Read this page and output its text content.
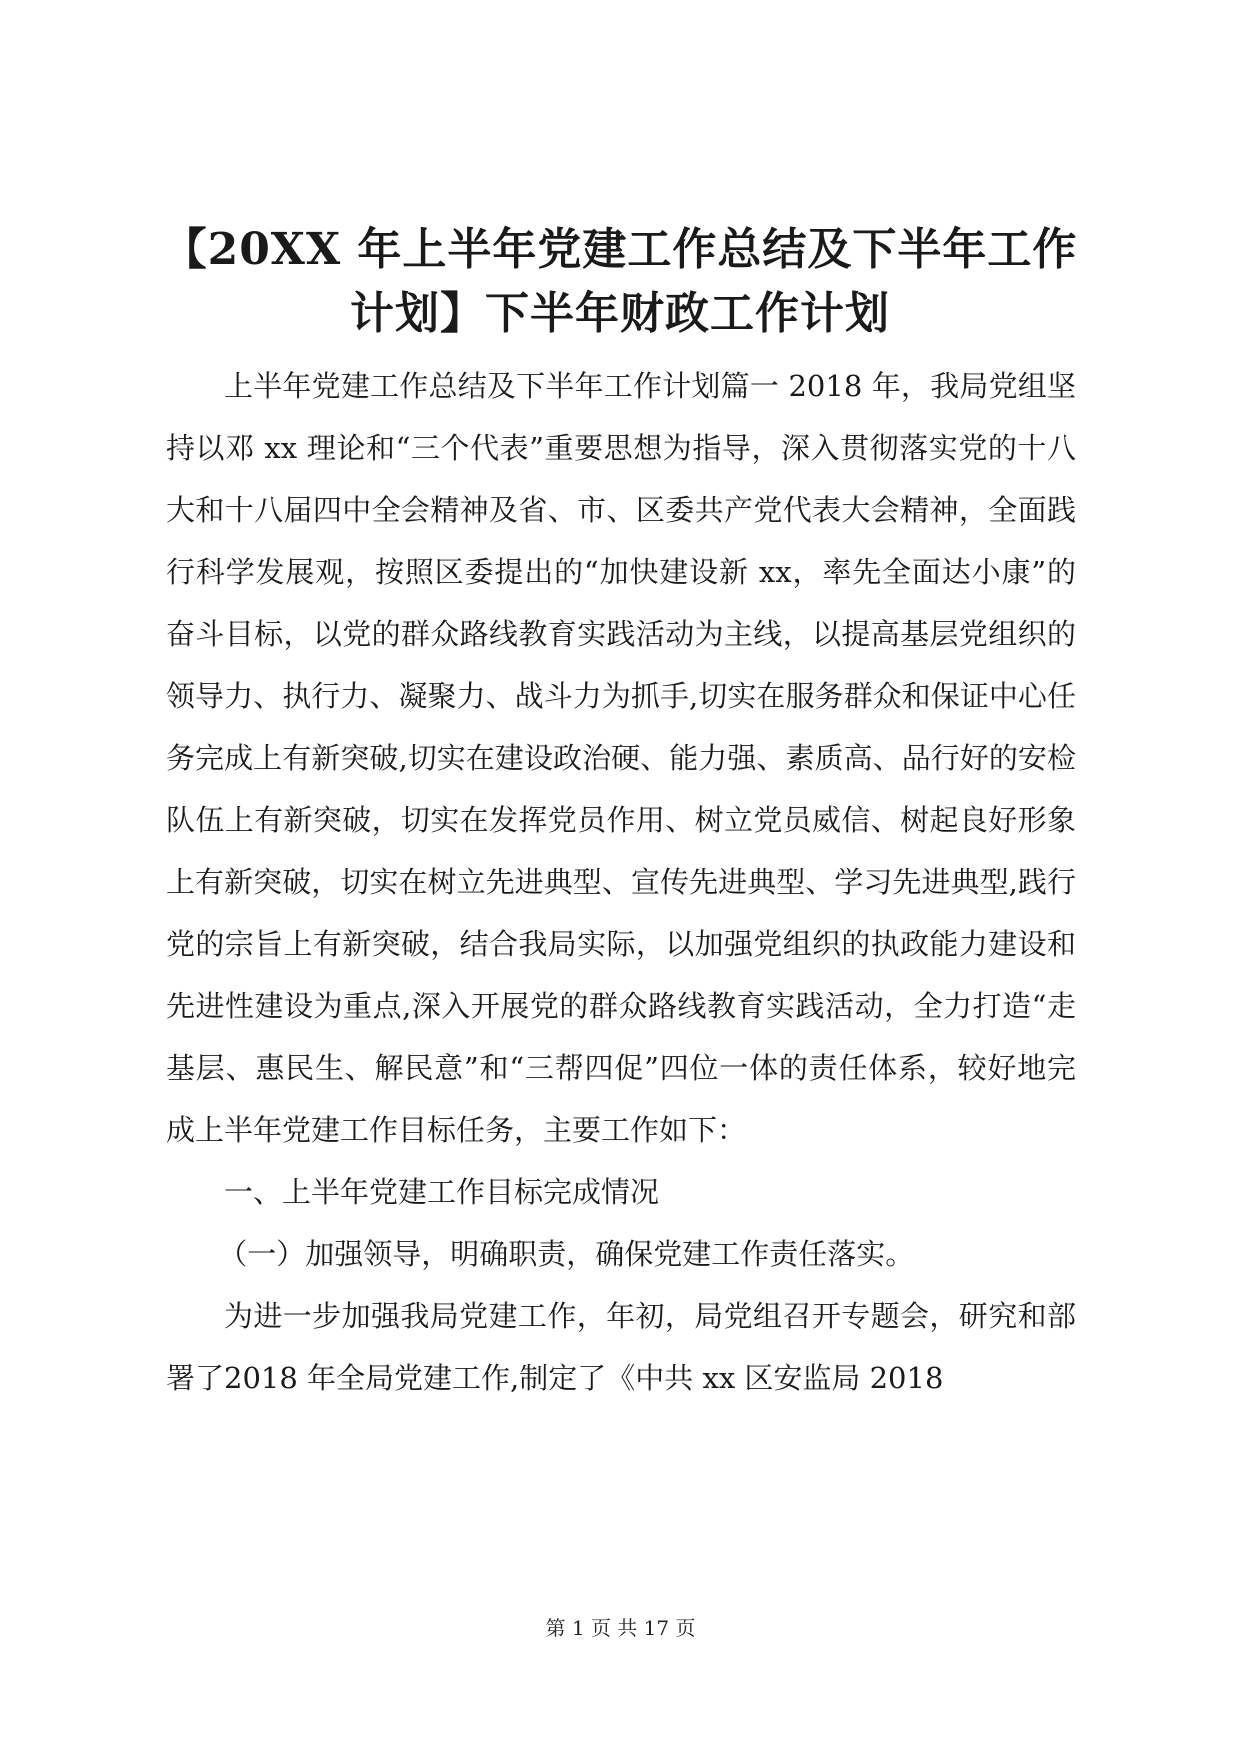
【20XX 年上半年党建工作总结及下半年工作
计划】下半年财政工作计划

上半年党建工作总结及下半年工作计划篇一 2018 年，我局党组坚持以邓 xx 理论和“三个代表”重要思想为指导，深入贯彻落实党的十八大和十八届四中全会精神及省、市、区委共产党代表大会精神，全面践行科学发展观，按照区委提出的“加快建设新 xx，率先全面达小康”的奋斗目标，以党的群众路线教育实践活动为主线，以提高基层党组织的领导力、执行力、凝聚力、战斗力为抓手,切实在服务群众和保证中心任务完成上有新突破,切实在建设政治硬、能力强、素质高、品行好的安检队伍上有新突破，切实在发挥党员作用、树立党员威信、树起良好形象上有新突破，切实在树立先进典型、宣传先进典型、学习先进典型,践行党的宗旨上有新突破，结合我局实际，以加强党组织的执政能力建设和先进性建设为重点,深入开展党的群众路线教育实践活动，全力打造“走基层、惠民生、解民意”和“三帮四促”四位一体的责任体系，较好地完成上半年党建工作目标任务，主要工作如下：

一、上半年党建工作目标完成情况

（一）加强领导，明确职责，确保党建工作责任落实。

为进一步加强我局党建工作，年初，局党组召开专题会，研究和部署了2018 年全局党建工作,制定了《中共 xx 区安监局 2018

第 1 页 共 17 页
